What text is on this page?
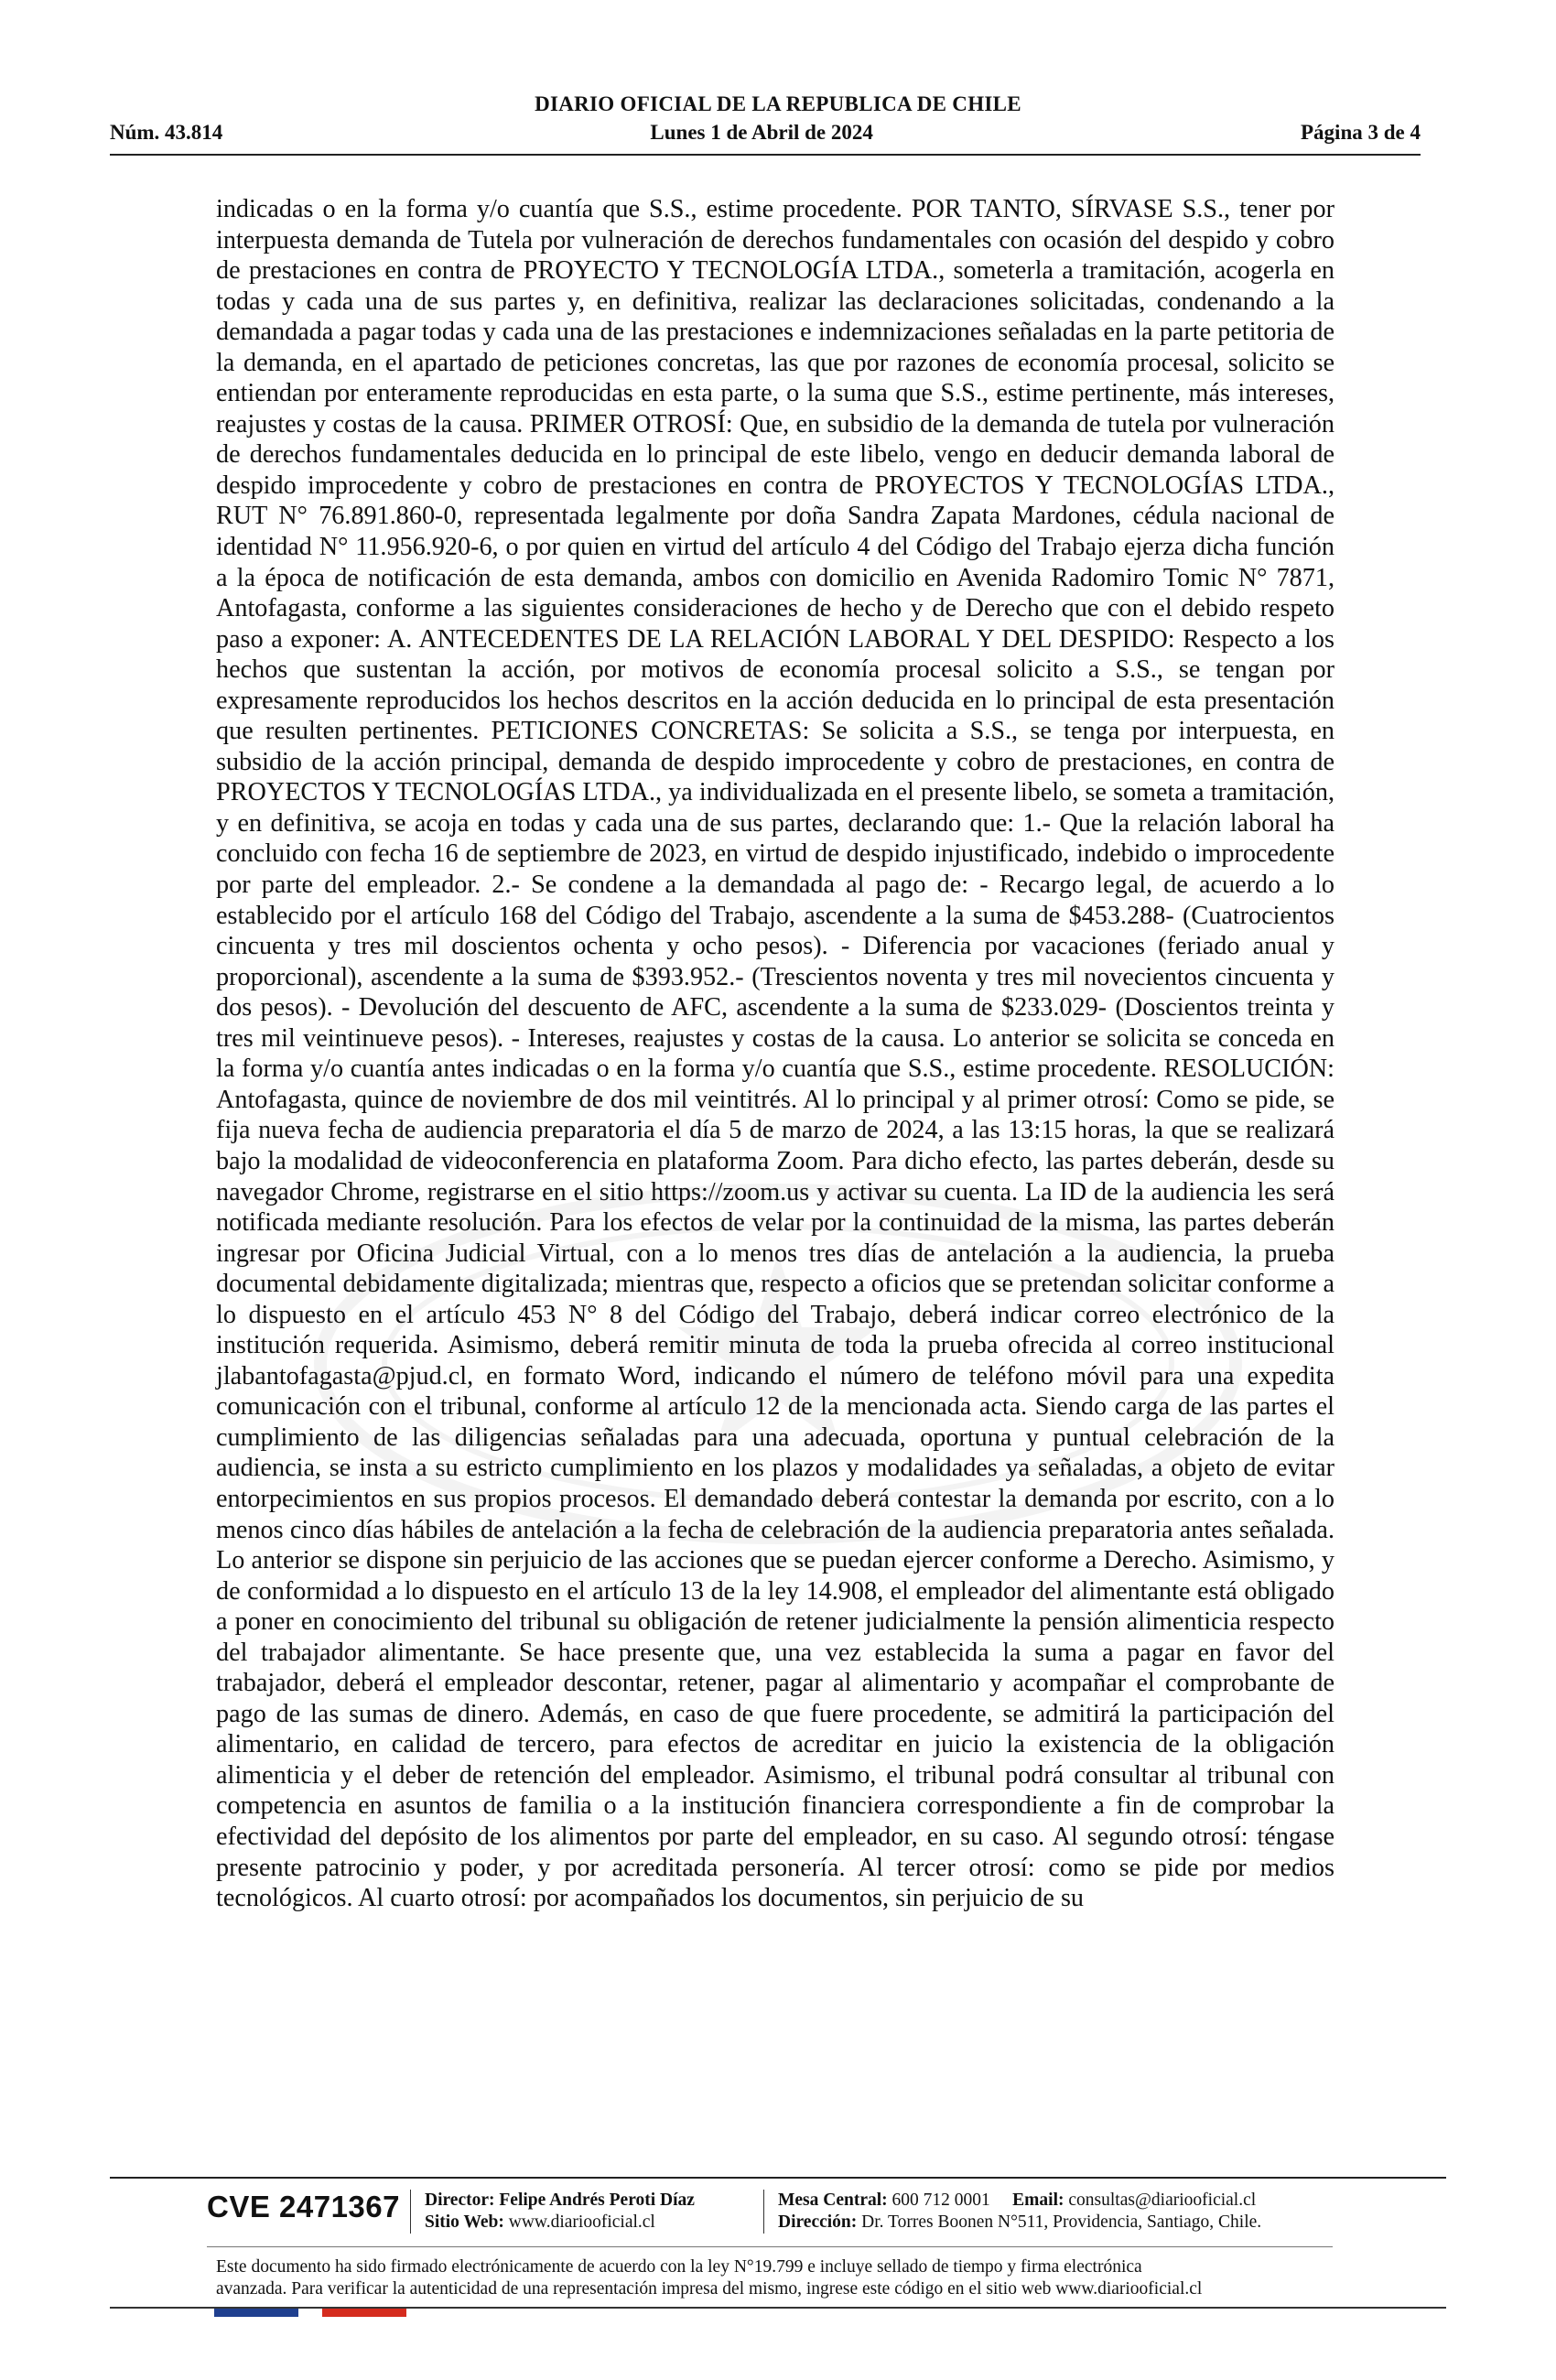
DIARIO OFICIAL DE LA REPUBLICA DE CHILE
Núm. 43.814	Lunes 1 de Abril de 2024	Página 3 de 4

indicadas o en la forma y/o cuantía que S.S., estime procedente. POR TANTO, SÍRVASE S.S., tener por interpuesta demanda de Tutela por vulneración de derechos fundamentales con ocasión del despido y cobro de prestaciones en contra de PROYECTO Y TECNOLOGÍA LTDA., someterla a tramitación, acogerla en todas y cada una de sus partes y, en definitiva, realizar las declaraciones solicitadas, condenando a la demandada a pagar todas y cada una de las prestaciones e indemnizaciones señaladas en la parte petitoria de la demanda, en el apartado de peticiones concretas, las que por razones de economía procesal, solicito se entiendan por enteramente reproducidas en esta parte, o la suma que S.S., estime pertinente, más intereses, reajustes y costas de la causa. PRIMER OTROSÍ: Que, en subsidio de la demanda de tutela por vulneración de derechos fundamentales deducida en lo principal de este libelo, vengo en deducir demanda laboral de despido improcedente y cobro de prestaciones en contra de PROYECTOS Y TECNOLOGÍAS LTDA., RUT N° 76.891.860-0, representada legalmente por doña Sandra Zapata Mardones, cédula nacional de identidad N° 11.956.920-6, o por quien en virtud del artículo 4 del Código del Trabajo ejerza dicha función a la época de notificación de esta demanda, ambos con domicilio en Avenida Radomiro Tomic N° 7871, Antofagasta, conforme a las siguientes consideraciones de hecho y de Derecho que con el debido respeto paso a exponer: A. ANTECEDENTES DE LA RELACIÓN LABORAL Y DEL DESPIDO: Respecto a los hechos que sustentan la acción, por motivos de economía procesal solicito a S.S., se tengan por expresamente reproducidos los hechos descritos en la acción deducida en lo principal de esta presentación que resulten pertinentes. PETICIONES CONCRETAS: Se solicita a S.S., se tenga por interpuesta, en subsidio de la acción principal, demanda de despido improcedente y cobro de prestaciones, en contra de PROYECTOS Y TECNOLOGÍAS LTDA., ya individualizada en el presente libelo, se someta a tramitación, y en definitiva, se acoja en todas y cada una de sus partes, declarando que: 1.- Que la relación laboral ha concluido con fecha 16 de septiembre de 2023, en virtud de despido injustificado, indebido o improcedente por parte del empleador. 2.- Se condene a la demandada al pago de: - Recargo legal, de acuerdo a lo establecido por el artículo 168 del Código del Trabajo, ascendente a la suma de $453.288- (Cuatrocientos cincuenta y tres mil doscientos ochenta y ocho pesos). - Diferencia por vacaciones (feriado anual y proporcional), ascendente a la suma de $393.952.- (Trescientos noventa y tres mil novecientos cincuenta y dos pesos). - Devolución del descuento de AFC, ascendente a la suma de $233.029- (Doscientos treinta y tres mil veintinueve pesos). - Intereses, reajustes y costas de la causa. Lo anterior se solicita se conceda en la forma y/o cuantía antes indicadas o en la forma y/o cuantía que S.S., estime procedente. RESOLUCIÓN: Antofagasta, quince de noviembre de dos mil veintitrés. Al lo principal y al primer otrosí: Como se pide, se fija nueva fecha de audiencia preparatoria el día 5 de marzo de 2024, a las 13:15 horas, la que se realizará bajo la modalidad de videoconferencia en plataforma Zoom. Para dicho efecto, las partes deberán, desde su navegador Chrome, registrarse en el sitio https://zoom.us y activar su cuenta. La ID de la audiencia les será notificada mediante resolución. Para los efectos de velar por la continuidad de la misma, las partes deberán ingresar por Oficina Judicial Virtual, con a lo menos tres días de antelación a la audiencia, la prueba documental debidamente digitalizada; mientras que, respecto a oficios que se pretendan solicitar conforme a lo dispuesto en el artículo 453 N° 8 del Código del Trabajo, deberá indicar correo electrónico de la institución requerida. Asimismo, deberá remitir minuta de toda la prueba ofrecida al correo institucional jlabantofagasta@pjud.cl, en formato Word, indicando el número de teléfono móvil para una expedita comunicación con el tribunal, conforme al artículo 12 de la mencionada acta. Siendo carga de las partes el cumplimiento de las diligencias señaladas para una adecuada, oportuna y puntual celebración de la audiencia, se insta a su estricto cumplimiento en los plazos y modalidades ya señaladas, a objeto de evitar entorpecimientos en sus propios procesos. El demandado deberá contestar la demanda por escrito, con a lo menos cinco días hábiles de antelación a la fecha de celebración de la audiencia preparatoria antes señalada. Lo anterior se dispone sin perjuicio de las acciones que se puedan ejercer conforme a Derecho. Asimismo, y de conformidad a lo dispuesto en el artículo 13 de la ley 14.908, el empleador del alimentante está obligado a poner en conocimiento del tribunal su obligación de retener judicialmente la pensión alimenticia respecto del trabajador alimentante. Se hace presente que, una vez establecida la suma a pagar en favor del trabajador, deberá el empleador descontar, retener, pagar al alimentario y acompañar el comprobante de pago de las sumas de dinero. Además, en caso de que fuere procedente, se admitirá la participación del alimentario, en calidad de tercero, para efectos de acreditar en juicio la existencia de la obligación alimenticia y el deber de retención del empleador. Asimismo, el tribunal podrá consultar al tribunal con competencia en asuntos de familia o a la institución financiera correspondiente a fin de comprobar la efectividad del depósito de los alimentos por parte del empleador, en su caso. Al segundo otrosí: téngase presente patrocinio y poder, y por acreditada personería. Al tercer otrosí: como se pide por medios tecnológicos. Al cuarto otrosí: por acompañados los documentos, sin perjuicio de su

CVE 2471367 Director: Felipe Andrés Peroti Díaz
Sitio Web: www.diariooficial.cl
Mesa Central: 600 712 0001 Email: consultas@diariooficial.cl
Dirección: Dr. Torres Boonen N°511, Providencia, Santiago, Chile.
Este documento ha sido firmado electrónicamente de acuerdo con la ley N°19.799 e incluye sellado de tiempo y firma electrónica
avanzada. Para verificar la autenticidad de una representación impresa del mismo, ingrese este código en el sitio web www.diariooficial.cl
